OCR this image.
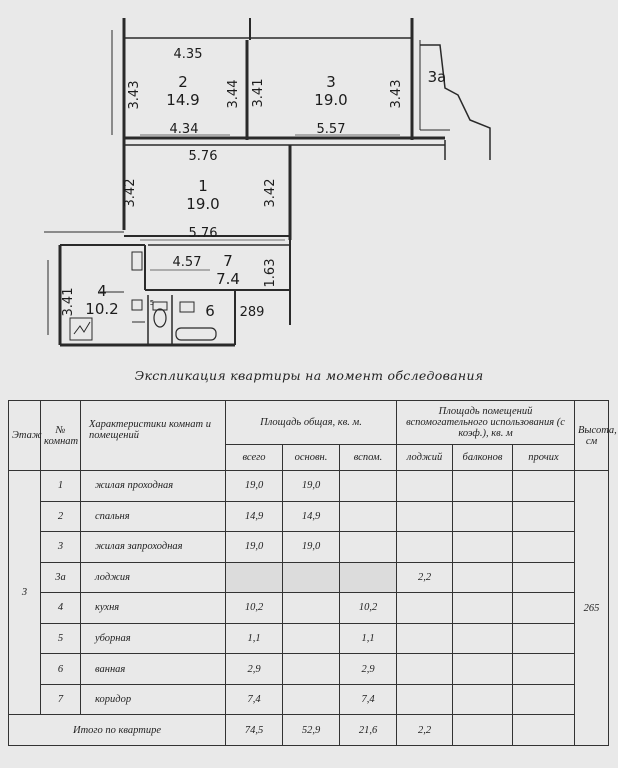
2
14.9
3
19.0
3а
1
19.0
4
10.2
7
7.4
6
5
4.35
3.43	3.44 3.41	3.43
4.34	5.57
5.76
3.42	3.42
5.76
4.57	1.63
3.41	289
Экспликация квартиры на момент обследования
Этаж	№ комнат	Характеристики комнат и помещений	Площадь общая, кв. м.			Площадь помещений вспомогательного использования (с коэф.), кв. м			Высота, см
			всего	основн.	вспом.	лоджий	балконов	прочих	
3	1	жилая проходная	19,0	19,0					265
	2	спальня	14,9	14,9					
	3	жилая запроходная	19,0	19,0					
	3а	лоджия				2,2			
	4	кухня	10,2		10,2				
	5	уборная	1,1		1,1				
	6	ванная	2,9		2,9				
	7	коридор	7,4		7,4				
Итого по квартире			74,5	52,9	21,6	2,2			
